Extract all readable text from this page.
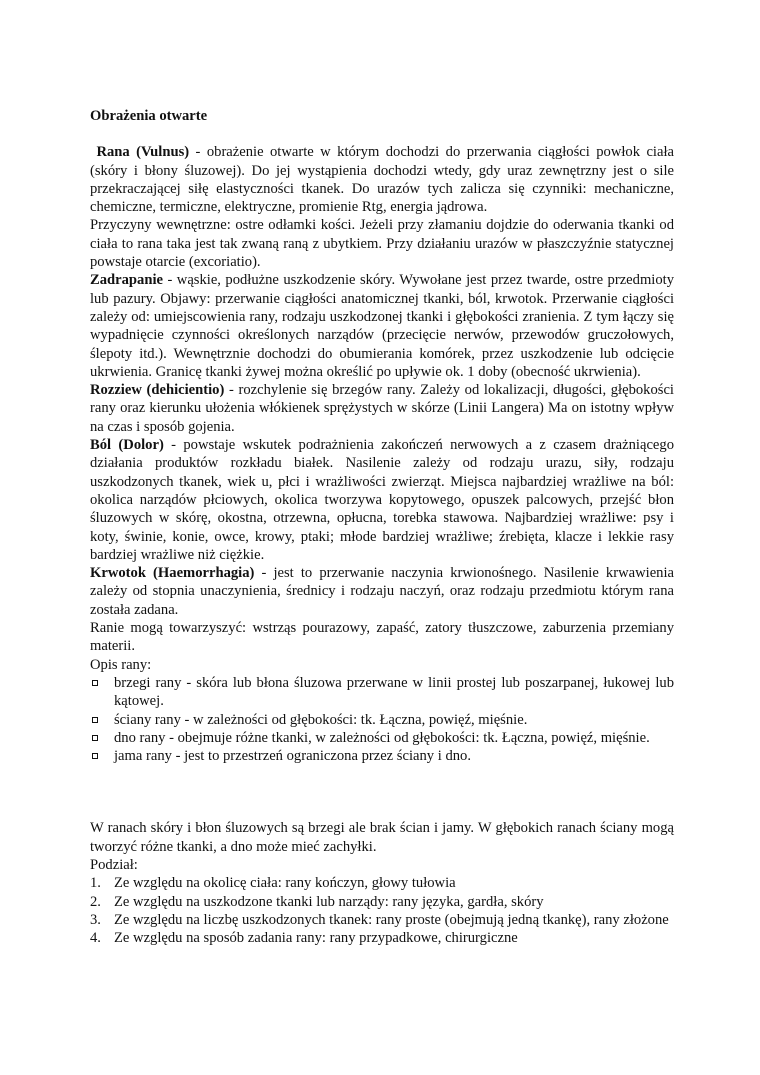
Obrażenia otwarte

Rana (Vulnus) - obrażenie otwarte w którym dochodzi do przerwania ciągłości powłok ciała (skóry i błony śluzowej). Do jej wystąpienia dochodzi wtedy, gdy uraz zewnętrzny jest o sile przekraczającej siłę elastyczności tkanek. Do urazów tych zalicza się czynniki: mechaniczne, chemiczne, termiczne, elektryczne, promienie Rtg, energia jądrowa.

Przyczyny wewnętrzne: ostre odłamki kości. Jeżeli przy złamaniu dojdzie do oderwania tkanki od ciała to rana taka jest tak zwaną raną z ubytkiem. Przy działaniu urazów w płaszczyźnie statycznej powstaje otarcie (excoriatio).

Zadrapanie - wąskie, podłużne uszkodzenie skóry. Wywołane jest przez twarde, ostre przedmioty lub pazury. Objawy: przerwanie ciągłości anatomicznej tkanki, ból, krwotok. Przerwanie ciągłości zależy od: umiejscowienia rany, rodzaju uszkodzonej tkanki i głębokości zranienia. Z tym łączy się wypadnięcie czynności określonych narządów (przecięcie nerwów, przewodów gruczołowych, ślepoty itd.). Wewnętrznie dochodzi do obumierania komórek, przez uszkodzenie lub odcięcie ukrwienia. Granicę tkanki żywej można określić po upływie ok. 1 doby (obecność ukrwienia).

Rozziew (dehicientio) - rozchylenie się brzegów rany. Zależy od lokalizacji, długości, głębokości rany oraz kierunku ułożenia włókienek sprężystych w skórze (Linii Langera) Ma on istotny wpływ na czas i sposób gojenia.

Ból (Dolor) - powstaje wskutek podrażnienia zakończeń nerwowych a z czasem drażniącego działania produktów rozkładu białek. Nasilenie zależy od rodzaju urazu, siły, rodzaju uszkodzonych tkanek, wiek u, płci i wrażliwości zwierząt. Miejsca najbardziej wrażliwe na ból: okolica narządów płciowych, okolica tworzywa kopytowego, opuszek palcowych, przejść błon śluzowych w skórę, okostna, otrzewna, opłucna, torebka stawowa. Najbardziej wrażliwe: psy i koty, świnie, konie, owce, krowy, ptaki; młode bardziej wrażliwe; źrebięta, klacze i lekkie rasy bardziej wrażliwe niż ciężkie.

Krwotok (Haemorrhagia) - jest to przerwanie naczynia krwionośnego. Nasilenie krwawienia zależy od stopnia unaczynienia, średnicy i rodzaju naczyń, oraz rodzaju przedmiotu którym rana została zadana.

Ranie mogą towarzyszyć: wstrząs pourazowy, zapaść, zatory tłuszczowe, zaburzenia przemiany materii.

Opis rany:

brzegi rany - skóra lub błona śluzowa przerwane w linii prostej lub poszarpanej, łukowej lub kątowej.
ściany rany - w zależności od głębokości: tk. Łączna, powięź, mięśnie.
dno rany - obejmuje różne tkanki, w zależności od głębokości: tk. Łączna, powięź, mięśnie.
jama rany - jest to przestrzeń ograniczona przez ściany i dno.

W ranach skóry i błon śluzowych są brzegi ale brak ścian i jamy. W głębokich ranach ściany mogą tworzyć różne tkanki, a dno może mieć zachyłki.

Podział:

1. Ze względu na okolicę ciała: rany kończyn, głowy tułowia
2. Ze względu na uszkodzone tkanki lub narządy: rany języka, gardła, skóry
3. Ze względu na liczbę uszkodzonych tkanek: rany proste (obejmują jedną tkankę), rany złożone
4. Ze względu na sposób zadania rany: rany przypadkowe, chirurgiczne
